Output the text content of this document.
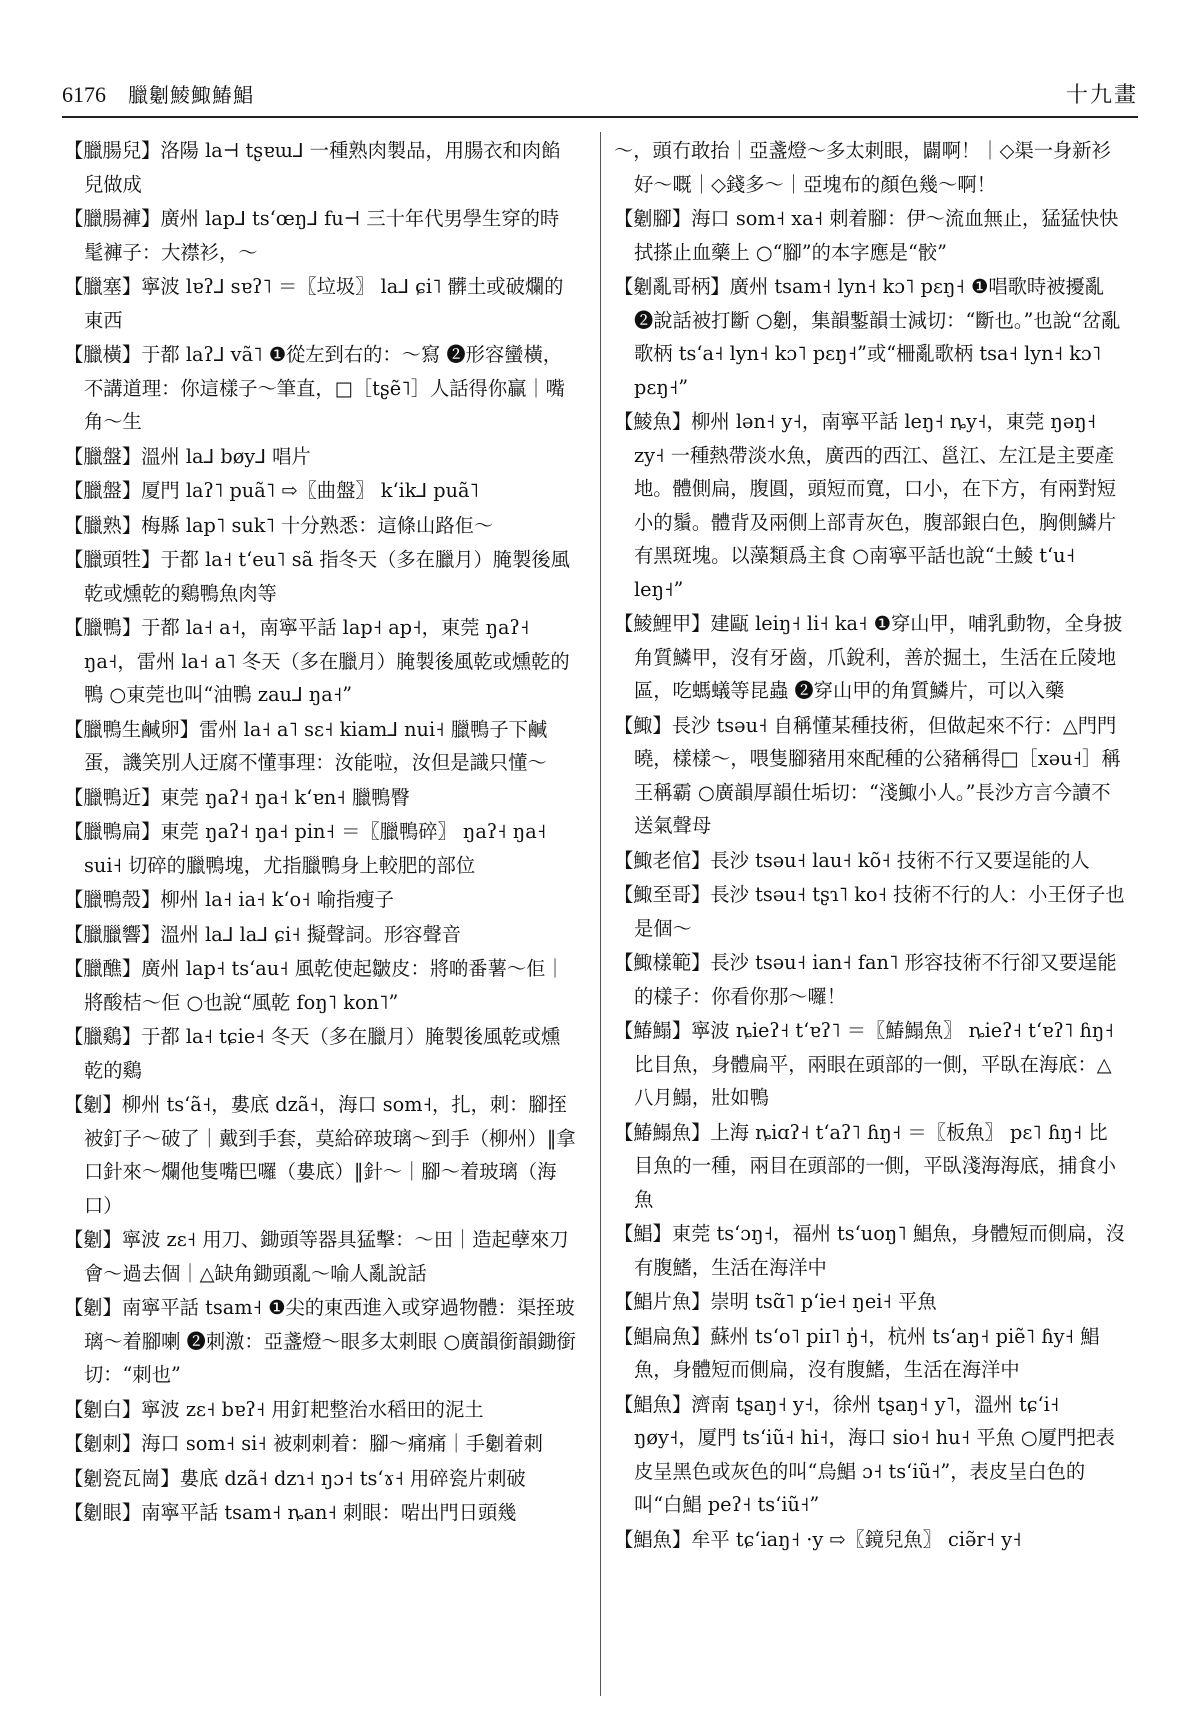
6176 臘劖鯪鯫鰆鯧	十九畫

【臘腸兒】洛陽 la⊣ tʂɐɯ⅃ 一種熟肉製品，用腸衣和肉餡兒做成

【臘腸褲】廣州 lap⅃ tsʻœŋ⅃ fu⊣ 三十年代男學生穿的時髦褲子：大襟衫，～

【臘塞】寧波 lɐʔ⅃ sɐʔ˥ ＝〖垃圾〗 la⅃ ɕi˥ 髒土或破爛的東西

【臘橫】于都 laʔ⅃ vã˥ ❶從左到右的：～寫 ❷形容蠻橫，不講道理：你這樣子～筆直，□［tʂẽ˥］人話得你贏｜嘴角～生

【臘盤】溫州 la⅃ bøy⅃ 唱片

【臘盤】厦門 laʔ˥ puã˥ ⇨〖曲盤〗 kʻik⅃ puã˥

【臘熟】梅縣 lap˥ suk˥ 十分熟悉：這條山路佢～

【臘頭牲】于都 la˧ tʻeu˥ sã 指冬天（多在臘月）腌製後風乾或燻乾的鷄鴨魚肉等

【臘鴨】于都 la˧ a˧，南寧平話 lap˧ ap˧，東莞 ŋaʔ˧ ŋa˧，雷州 la˧ a˥ 冬天（多在臘月）腌製後風乾或燻乾的鴨 ○東莞也叫“油鴨 zau⅃ ŋa˧”

【臘鴨生鹹卵】雷州 la˧ a˥ sɛ˧ kiam⅃ nui˧ 臘鴨子下鹹蛋，譏笑別人迂腐不懂事理：汝能啦，汝但是識只懂～

【臘鴨近】東莞 ŋaʔ˧ ŋa˧ kʻɐn˧ 臘鴨臀

【臘鴨扁】東莞 ŋaʔ˧ ŋa˧ pin˧ ＝〖臘鴨碎〗 ŋaʔ˧ ŋa˧ sui˧ 切碎的臘鴨塊，尤指臘鴨身上較肥的部位

【臘鴨殼】柳州 la˧ ia˧ kʻo˧ 喻指瘦子

【臘臘響】溫州 la⅃ la⅃ ɕi˧ 擬聲詞。形容聲音

【臘醮】廣州 lap˧ tsʻau˧ 風乾使起皺皮：將啲番薯～佢｜將酸桔～佢 ○也說“風乾 foŋ˥ kon˥”

【臘鷄】于都 la˧ tɕie˧ 冬天（多在臘月）腌製後風乾或燻乾的鷄

【劖】柳州 tsʻã˧，婁底 dzã˧，海口 som˧，扎，刺：腳挃被釘子～破了｜戴到手套，莫給碎玻璃～到手（柳州）‖拿口針來～爛他隻嘴巴囉（婁底）‖針～｜腳～着玻璃（海口）

【劖】寧波 zɛ˧ 用刀、鋤頭等器具猛擊：～田｜造起孽來刀會～過去個｜△缺角鋤頭亂～喻人亂說話

【劖】南寧平話 tsam˧ ❶尖的東西進入或穿過物體：渠挃玻璃～着腳喇 ❷刺激：亞盞燈～眼多太刺眼 ○廣韻銜韻鋤銜切：“刺也”

【劖白】寧波 zɛ˧ bɐʔ˧ 用釘耙整治水稻田的泥土

【劖刺】海口 som˧ si˧ 被刺刺着：腳～痛痛｜手劖着刺

【劖瓷瓦崗】婁底 dzã˧ dzɿ˧ ŋɔ˧ tsʻɤ˧ 用碎瓷片刺破

【劖眼】南寧平話 tsam˧ ȵan˧ 刺眼：啱出門日頭幾

～，頭冇敢抬｜亞盞燈～多太刺眼，闢啊！｜◇渠一身新衫好～嘅｜◇錢多～｜亞塊布的顏色幾～啊！

【劖腳】海口 som˧ xa˧ 刺着腳：伊～流血無止，猛猛快快拭搽止血藥上 ○“腳”的本字應是“骹”

【劖亂哥柄】廣州 tsam˧ lyn˧ kɔ˥ pɛŋ˧ ❶唱歌時被擾亂 ❷說話被打斷 ○劖，集韻鏨韻士減切：“斷也。”也說“岔亂歌柄 tsʻa˧ lyn˧ kɔ˥ pɛŋ˧”或“柵亂歌柄 tsa˧ lyn˧ kɔ˥ pɛŋ˧”

【鯪魚】柳州 lən˧ y˧，南寧平話 leŋ˧ ȵy˧，東莞 ŋəŋ˧ zy˧ 一種熱帶淡水魚，廣西的西江、邕江、左江是主要產地。體側扁，腹圓，頭短而寬，口小，在下方，有兩對短小的鬚。體背及兩側上部青灰色，腹部銀白色，胸側鱗片有黑斑塊。以藻類爲主食 ○南寧平話也說“土鯪 tʻu˧ leŋ˧”

【鯪鯉甲】建甌 leiŋ˧ li˧ ka˧ ❶穿山甲，哺乳動物，全身披角質鱗甲，沒有牙齒，爪銳利，善於掘土，生活在丘陵地區，吃螞蟻等昆蟲 ❷穿山甲的角質鱗片，可以入藥

【鯫】長沙 tsəu˧ 自稱懂某種技術，但做起來不行：△門門曉，樣樣～，喂隻腳豬用來配種的公豬稱得□［xəu˧］稱王稱霸 ○廣韻厚韻仕垢切：“淺鯫小人。”長沙方言今讀不送氣聲母

【鯫老倌】長沙 tsəu˧ lau˧ kõ˧ 技術不行又要逞能的人

【鯫至哥】長沙 tsəu˧ tʂɿ˥ ko˧ 技術不行的人：小王伢子也是個～

【鯫樣範】長沙 tsəu˧ ian˧ fan˥ 形容技術不行卻又要逞能的樣子：你看你那～囉！

【鰆鰨】寧波 ȵieʔ˧ tʻɐʔ˥ ＝〖鰆鰨魚〗 ȵieʔ˧ tʻɐʔ˥ ɦŋ˧ 比目魚，身體扁平，兩眼在頭部的一側，平臥在海底：△八月鰨，壯如鴨

【鰆鰨魚】上海 ȵiɑʔ˧ tʻaʔ˥ ɦŋ˧ ＝〖板魚〗 pɛ˥ ɦŋ˧ 比目魚的一種，兩目在頭部的一側，平臥淺海海底，捕食小魚

【鯧】東莞 tsʻɔŋ˧，福州 tsʻuoŋ˥ 鯧魚，身體短而側扁，沒有腹鰭，生活在海洋中

【鯧片魚】崇明 tsɑ̃˥ pʻie˧ ŋei˧ 平魚

【鯧扁魚】蘇州 tsʻo˥ piɪ˥ ŋ̍˧，杭州 tsʻaŋ˧ piẽ˥ ɦy˧ 鯧魚，身體短而側扁，沒有腹鰭，生活在海洋中

【鯧魚】濟南 tʂaŋ˧ y˧，徐州 tʂaŋ˧ y˥，溫州 tɕʻi˧ ŋøy˧，厦門 tsʻiũ˧ hi˧，海口 sio˧ hu˧ 平魚 ○厦門把表皮呈黑色或灰色的叫“烏鯧 ɔ˧ tsʻiũ˧”，表皮呈白色的叫“白鯧 peʔ˧ tsʻiũ˧”

【鯧魚】牟平 tɕʻiaŋ˧ ·y ⇨〖鏡兒魚〗 ciə̃r˧ y˧
